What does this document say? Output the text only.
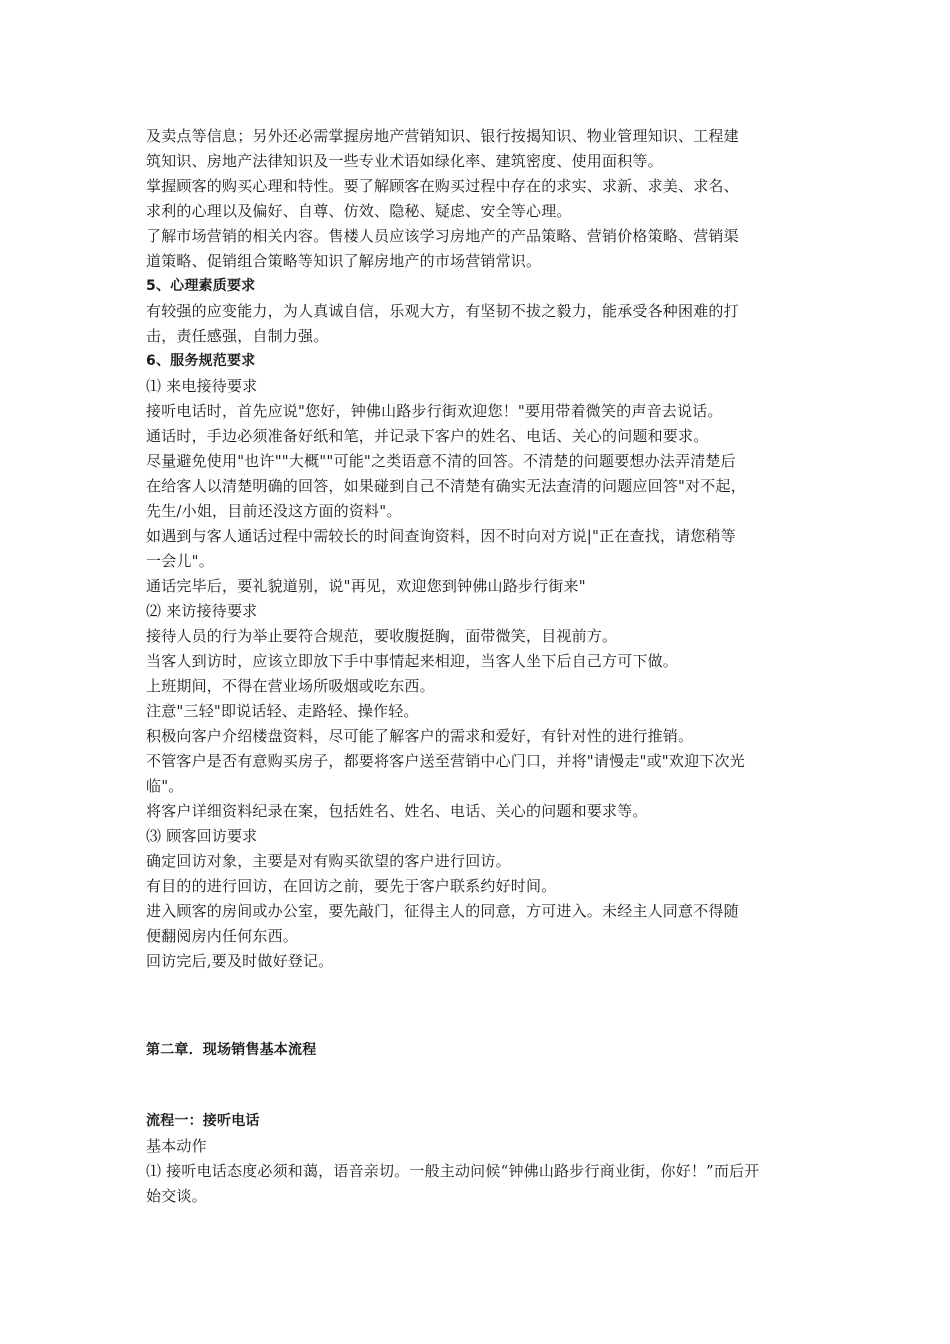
及卖点等信息；另外还必需掌握房地产营销知识、银行按揭知识、物业管理知识、工程建
筑知识、房地产法律知识及一些专业术语如绿化率、建筑密度、使用面积等。
掌握顾客的购买心理和特性。要了解顾客在购买过程中存在的求实、求新、求美、求名、
求利的心理以及偏好、自尊、仿效、隐秘、疑虑、安全等心理。
了解市场营销的相关内容。售楼人员应该学习房地产的产品策略、营销价格策略、营销渠
道策略、促销组合策略等知识了解房地产的市场营销常识。
5、心理素质要求
有较强的应变能力，为人真诚自信，乐观大方，有坚韧不拔之毅力，能承受各种困难的打
击，责任感强，自制力强。
6、服务规范要求
⑴ 来电接待要求
接听电话时，首先应说"您好，钟佛山路步行街欢迎您！"要用带着微笑的声音去说话。
通话时，手边必须准备好纸和笔，并记录下客户的姓名、电话、关心的问题和要求。
尽量避免使用"也许""大概""可能"之类语意不清的回答。不清楚的问题要想办法弄清楚后
在给客人以清楚明确的回答，如果碰到自己不清楚有确实无法查清的问题应回答"对不起，
先生/小姐，目前还没这方面的资料"。
如遇到与客人通话过程中需较长的时间查询资料，因不时向对方说|"正在查找，请您稍等
一会儿"。
通话完毕后，要礼貌道别，说"再见，欢迎您到钟佛山路步行街来"
⑵ 来访接待要求
接待人员的行为举止要符合规范，要收腹挺胸，面带微笑，目视前方。
当客人到访时，应该立即放下手中事情起来相迎，当客人坐下后自己方可下做。
上班期间，不得在营业场所吸烟或吃东西。
注意"三轻"即说话轻、走路轻、操作轻。
积极向客户介绍楼盘资料，尽可能了解客户的需求和爱好，有针对性的进行推销。
不管客户是否有意购买房子，都要将客户送至营销中心门口，并将"请慢走"或"欢迎下次光
临"。
将客户详细资料纪录在案，包括姓名、姓名、电话、关心的问题和要求等。
⑶ 顾客回访要求
确定回访对象，主要是对有购买欲望的客户进行回访。
有目的的进行回访，在回访之前，要先于客户联系约好时间。
进入顾客的房间或办公室，要先敲门，征得主人的同意，方可进入。未经主人同意不得随
便翻阅房内任何东西。
回访完后,要及时做好登记。
第二章．现场销售基本流程
流程一：接听电话
基本动作
⑴ 接听电话态度必须和蔼，语音亲切。一般主动问候“钟佛山路步行商业街，你好！”而后开
始交谈。
